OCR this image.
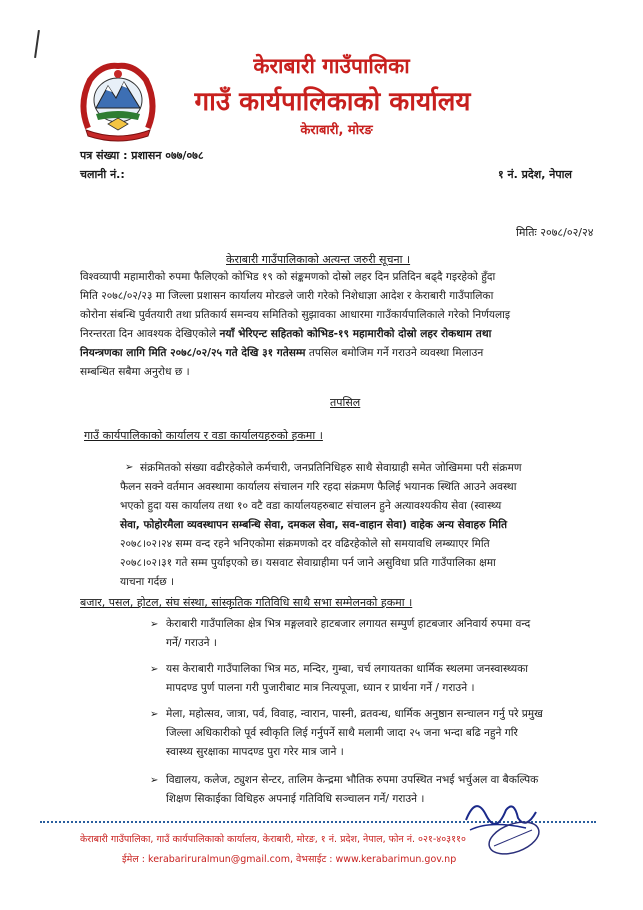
केराबारी गाउँपालिका
गाउँ कार्यपालिकाको कार्यालय
केराबारी, मोरङ
पत्र संख्या : प्रशासन ०७७/०७८
चलानी नं.:	१ नं. प्रदेश, नेपाल
मितिः २०७८/०२/२४
केराबारी गाउँपालिकाको अत्यन्त जरुरी सूचना ।
विश्वव्यापी महामारीको रुपमा फैलिएको कोभिड १९ को संङ्कमणको दोस्रो लहर दिन प्रतिदिन बढ्दै गइरहेको हुँदा
मिति २०७८/०२/२३ मा जिल्ला प्रशासन कार्यालय मोरङले जारी गरेको निशेधाज्ञा आदेश र केराबारी गाउँपालिका
कोरोना संबन्धि पुर्वतयारी तथा प्रतिकार्य समन्वय समितिको सुझावका आधारमा गाउँकार्यपालिकाले गरेको निर्णयलाइ
निरन्तरता दिन आवश्यक देखिएकोले नयाँ भेरिएन्ट सहितको कोभिड-१९ महामारीको दोस्रो लहर रोकथाम तथा
नियन्त्रणका लागि मिति २०७८/०२/२५ गते देखि ३१ गतेसम्म तपसिल बमोजिम गर्ने गराउने व्यवस्था मिलाउन
सम्बन्धित सबैमा अनुरोध छ ।
तपसिल
गाउँ कार्यपालिकाको कार्यालय र वडा कार्यालयहरुको हकमा ।
➢ संक्रमितको संख्या वढीरहेकोले कर्मचारी, जनप्रतिनिधिहरु साथै सेवाग्राही समेत जोखिममा परी संक्रमण
फैलन सक्ने वर्तमान अवस्थामा कार्यालय संचालन गरि रहदा संक्रमण फैलिई भयानक स्थिति आउने अवस्था
भएको हुदा यस कार्यालय तथा १० वटै वडा कार्यालयहरुबाट संचालन हुने अत्यावश्यकीय सेवा (स्वास्थ्य
सेवा, फोहोरमैला व्यवस्थापन सम्बन्धि सेवा, दमकल सेवा, सव-वाहान सेवा) वाहेक अन्य सेवाहरु मिति
२०७८।०२।२४ सम्म वन्द रहने भनिएकोमा संक्रमणको दर वढिरहेकोले सो समयावधि लम्ब्याएर मिति
२०७८।०२।३१ गते सम्म पुर्याइएको छ। यसवाट सेवाग्राहीमा पर्न जाने असुविधा प्रति गाउँपालिका क्षमा
याचना गर्दछ ।
बजार, पसल, होटल, संघ संस्था, सांस्कृतिक गतिविधि साथै सभा सम्मेलनको हकमा ।
➢ केराबारी गाउँपालिका क्षेत्र भित्र मङ्गलवारे हाटबजार लगायत सम्पुर्ण हाटबजार अनिवार्य रुपमा वन्द
गर्ने/ गराउने ।
➢ यस केराबारी गाउँपालिका भित्र मठ, मन्दिर, गुम्बा, चर्च लगायतका धार्मिक स्थलमा जनस्वास्थ्यका
मापदण्ड पुर्ण पालना गरी पुजारीबाट मात्र नित्यपूजा, ध्यान र प्रार्थना गर्ने / गराउने ।
➢ मेला, महोत्सव, जात्रा, पर्व, विवाह, न्वारान, पास्नी, व्रतवन्ध, धार्मिक अनुष्ठान सन्चालन गर्नु परे प्रमुख
जिल्ला अधिकारीको पूर्व स्वीकृति लिई गर्नुपर्ने साथै मलामी जादा २५ जना भन्दा बढि नहुने गरि
स्वास्थ्य सुरक्षाका मापदण्ड पुरा गरेर मात्र जाने ।
➢ विद्यालय, कलेज, ट्युशन सेन्टर, तालिम केन्द्रमा भौतिक रुपमा उपस्थित नभई भर्चुअल वा बैकल्पिक
शिक्षण सिकाईका विधिहरु अपनाई गतिविधि सञ्चालन गर्ने/ गराउने ।
केराबारी गाउँपालिका, गाउँ कार्यपालिकाको कार्यालय, केराबारी, मोरङ, १ नं. प्रदेश, नेपाल, फोन नं. ०२१-४०३११०
ईमेल : kerabariruralmun@gmail.com, वेभसाईट : www.kerabarimun.gov.np
